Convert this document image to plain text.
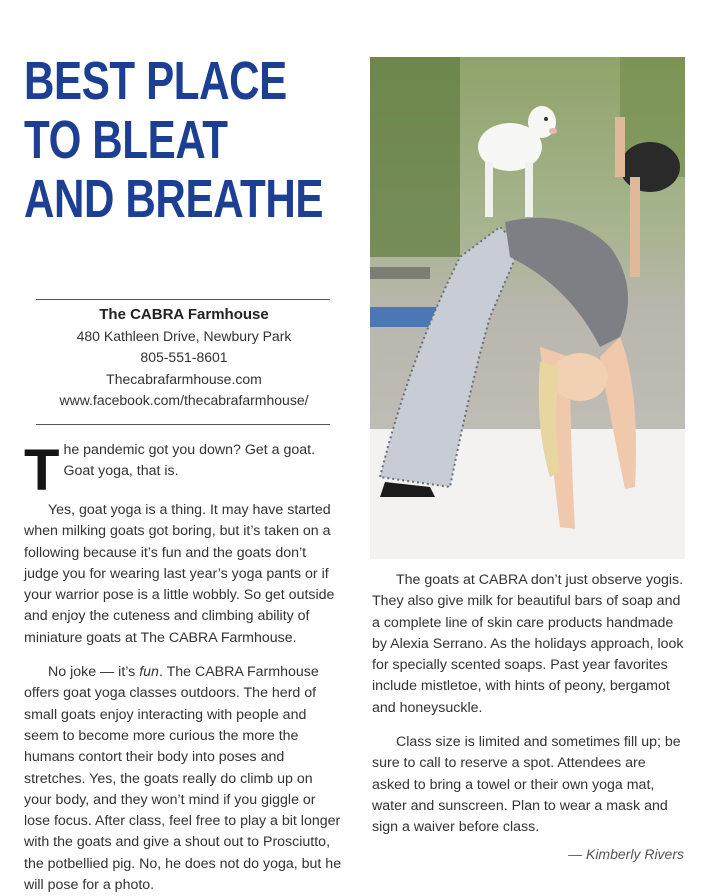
BEST PLACE
TO BLEAT
AND BREATHE
The CABRA Farmhouse
480 Kathleen Drive, Newbury Park
805-551-8601
Thecabrafarmhouse.com
www.facebook.com/thecabrafarmhouse/

The pandemic got you down? Get a goat. Goat yoga, that is.

Yes, goat yoga is a thing. It may have started when milking goats got boring, but it’s taken on a following because it’s fun and the goats don’t judge you for wearing last year’s yoga pants or if your warrior pose is a little wobbly. So get outside and enjoy the cuteness and climbing ability of miniature goats at The CABRA Farmhouse.

No joke — it’s fun. The CABRA Farmhouse offers goat yoga classes outdoors. The herd of small goats enjoy interacting with people and seem to become more curious the more the humans contort their body into poses and stretches. Yes, the goats really do climb up on your body, and they won’t mind if you giggle or lose focus. After class, feel free to play a bit longer with the goats and give a shout out to Prosciutto, the potbellied pig. No, he does not do yoga, but he will pose for a photo.

The goats at CABRA don’t just observe yogis. They also give milk for beautiful bars of soap and a complete line of skin care products handmade by Alexia Serrano. As the holidays approach, look for specially scented soaps. Past year favorites include mistletoe, with hints of peony, bergamot and honeysuckle.

Class size is limited and sometimes fill up; be sure to call to reserve a spot. Attendees are asked to bring a towel or their own yoga mat, water and sunscreen. Plan to wear a mask and sign a waiver before class.

— Kimberly Rivers
